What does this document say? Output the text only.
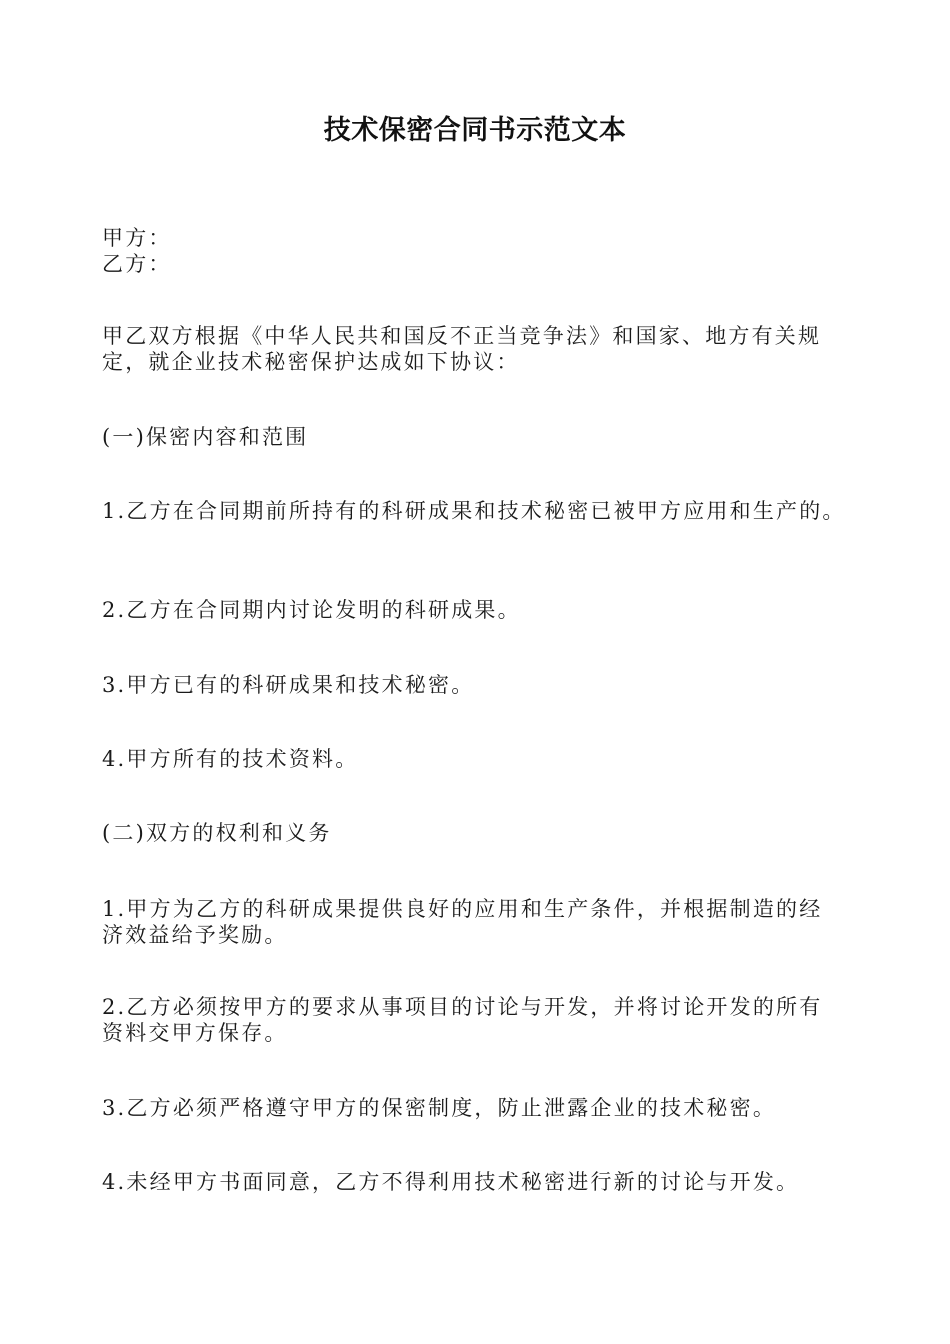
技术保密合同书示范文本
甲方：
乙方：
甲乙双方根据《中华人民共和国反不正当竞争法》和国家、地方有关规
定，就企业技术秘密保护达成如下协议：
(一)保密内容和范围
1.乙方在合同期前所持有的科研成果和技术秘密已被甲方应用和生产的。
2.乙方在合同期内讨论发明的科研成果。
3.甲方已有的科研成果和技术秘密。
4.甲方所有的技术资料。
(二)双方的权利和义务
1.甲方为乙方的科研成果提供良好的应用和生产条件，并根据制造的经
济效益给予奖励。
2.乙方必须按甲方的要求从事项目的讨论与开发，并将讨论开发的所有
资料交甲方保存。
3.乙方必须严格遵守甲方的保密制度，防止泄露企业的技术秘密。
4.未经甲方书面同意，乙方不得利用技术秘密进行新的讨论与开发。
